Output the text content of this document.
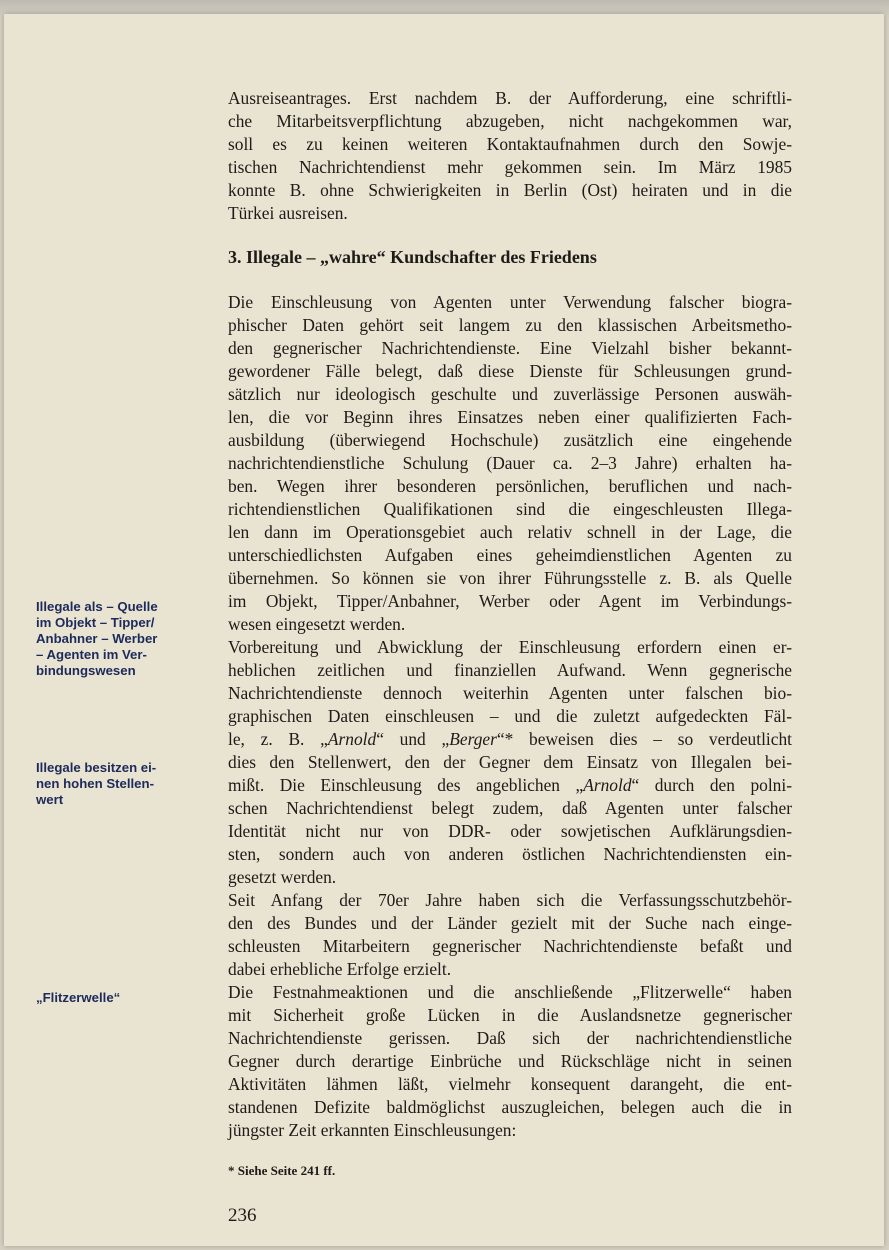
Ausreiseantrages. Erst nachdem B. der Aufforderung, eine schriftli-
che Mitarbeitsverpflichtung abzugeben, nicht nachgekommen war,
soll es zu keinen weiteren Kontaktaufnahmen durch den Sowje-
tischen Nachrichtendienst mehr gekommen sein. Im März 1985
konnte B. ohne Schwierigkeiten in Berlin (Ost) heiraten und in die
Türkei ausreisen.

3. Illegale – „wahre“ Kundschafter des Friedens

Die Einschleusung von Agenten unter Verwendung falscher biogra-
phischer Daten gehört seit langem zu den klassischen Arbeitsmetho-
den gegnerischer Nachrichtendienste. Eine Vielzahl bisher bekannt-
gewordener Fälle belegt, daß diese Dienste für Schleusungen grund-
sätzlich nur ideologisch geschulte und zuverlässige Personen auswäh-
len, die vor Beginn ihres Einsatzes neben einer qualifizierten Fach-
ausbildung (überwiegend Hochschule) zusätzlich eine eingehende
nachrichtendienstliche Schulung (Dauer ca. 2–3 Jahre) erhalten ha-
ben. Wegen ihrer besonderen persönlichen, beruflichen und nach-
richtendienstlichen Qualifikationen sind die eingeschleusten Illega-
len dann im Operationsgebiet auch relativ schnell in der Lage, die
unterschiedlichsten Aufgaben eines geheimdienstlichen Agenten zu
übernehmen. So können sie von ihrer Führungsstelle z. B. als Quelle
im Objekt, Tipper/Anbahner, Werber oder Agent im Verbindungs-
wesen eingesetzt werden.

Vorbereitung und Abwicklung der Einschleusung erfordern einen er-
heblichen zeitlichen und finanziellen Aufwand. Wenn gegnerische
Nachrichtendienste dennoch weiterhin Agenten unter falschen bio-
graphischen Daten einschleusen – und die zuletzt aufgedeckten Fäl-
le, z. B. „Arnold“ und „Berger“* beweisen dies – so verdeutlicht
dies den Stellenwert, den der Gegner dem Einsatz von Illegalen bei-
mißt. Die Einschleusung des angeblichen „Arnold“ durch den polni-
schen Nachrichtendienst belegt zudem, daß Agenten unter falscher
Identität nicht nur von DDR- oder sowjetischen Aufklärungsdien-
sten, sondern auch von anderen östlichen Nachrichtendiensten ein-
gesetzt werden.

Seit Anfang der 70er Jahre haben sich die Verfassungsschutzbehör-
den des Bundes und der Länder gezielt mit der Suche nach einge-
schleusten Mitarbeitern gegnerischer Nachrichtendienste befaßt und
dabei erhebliche Erfolge erzielt.

Die Festnahmeaktionen und die anschließende „Flitzerwelle“ haben
mit Sicherheit große Lücken in die Auslandsnetze gegnerischer
Nachrichtendienste gerissen. Daß sich der nachrichtendienstliche
Gegner durch derartige Einbrüche und Rückschläge nicht in seinen
Aktivitäten lähmen läßt, vielmehr konsequent darangeht, die ent-
standenen Defizite baldmöglichst auszugleichen, belegen auch die in
jüngster Zeit erkannten Einschleusungen:

Illegale als – Quelle
im Objekt – Tipper/
Anbahner – Werber
– Agenten im Ver-
bindungswesen

Illegale besitzen ei-
nen hohen Stellen-
wert

„Flitzerwelle“

* Siehe Seite 241 ff.

236
